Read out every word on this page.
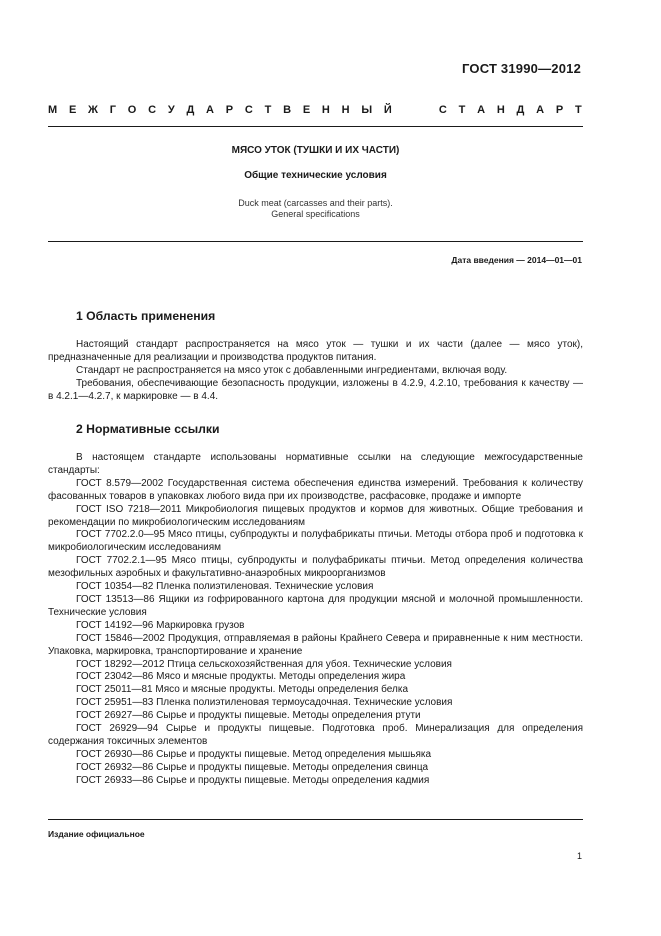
ГОСТ 31990—2012
М Е Ж Г О С У Д А Р С Т В Е Н Н Ы Й	С Т А Н Д А Р Т
МЯСО УТОК (ТУШКИ И ИХ ЧАСТИ)
Общие технические условия
Duck meat (carcasses and their parts).
General specifications
Дата введения — 2014—01—01
1 Область применения

Настоящий стандарт распространяется на мясо уток — тушки и их части (далее — мясо уток), предназначенные для реализации и производства продуктов питания.

Стандарт не распространяется на мясо уток с добавленными ингредиентами, включая воду.

Требования, обеспечивающие безопасность продукции, изложены в 4.2.9, 4.2.10, требования к качеству — в 4.2.1—4.2.7, к маркировке — в 4.4.

2 Нормативные ссылки

В настоящем стандарте использованы нормативные ссылки на следующие межгосударственные стандарты:

ГОСТ 8.579—2002 Государственная система обеспечения единства измерений. Требования к количеству фасованных товаров в упаковках любого вида при их производстве, расфасовке, продаже и импорте

ГОСТ ISO 7218—2011 Микробиология пищевых продуктов и кормов для животных. Общие требования и рекомендации по микробиологическим исследованиям

ГОСТ 7702.2.0—95 Мясо птицы, субпродукты и полуфабрикаты птичьи. Методы отбора проб и подготовка к микробиологическим исследованиям

ГОСТ 7702.2.1—95 Мясо птицы, субпродукты и полуфабрикаты птичьи. Метод определения количества мезофильных аэробных и факультативно-анаэробных микроорганизмов

ГОСТ 10354—82 Пленка полиэтиленовая. Технические условия

ГОСТ 13513—86 Ящики из гофрированного картона для продукции мясной и молочной промышленности. Технические условия

ГОСТ 14192—96 Маркировка грузов

ГОСТ 15846—2002 Продукция, отправляемая в районы Крайнего Севера и приравненные к ним местности. Упаковка, маркировка, транспортирование и хранение

ГОСТ 18292—2012 Птица сельскохозяйственная для убоя. Технические условия

ГОСТ 23042—86 Мясо и мясные продукты. Методы определения жира

ГОСТ 25011—81 Мясо и мясные продукты. Методы определения белка

ГОСТ 25951—83 Пленка полиэтиленовая термоусадочная. Технические условия

ГОСТ 26927—86 Сырье и продукты пищевые. Методы определения ртути

ГОСТ 26929—94 Сырье и продукты пищевые. Подготовка проб. Минерализация для определения содержания токсичных элементов

ГОСТ 26930—86 Сырье и продукты пищевые. Метод определения мышьяка

ГОСТ 26932—86 Сырье и продукты пищевые. Методы определения свинца

ГОСТ 26933—86 Сырье и продукты пищевые. Методы определения кадмия

Издание официальное
1
